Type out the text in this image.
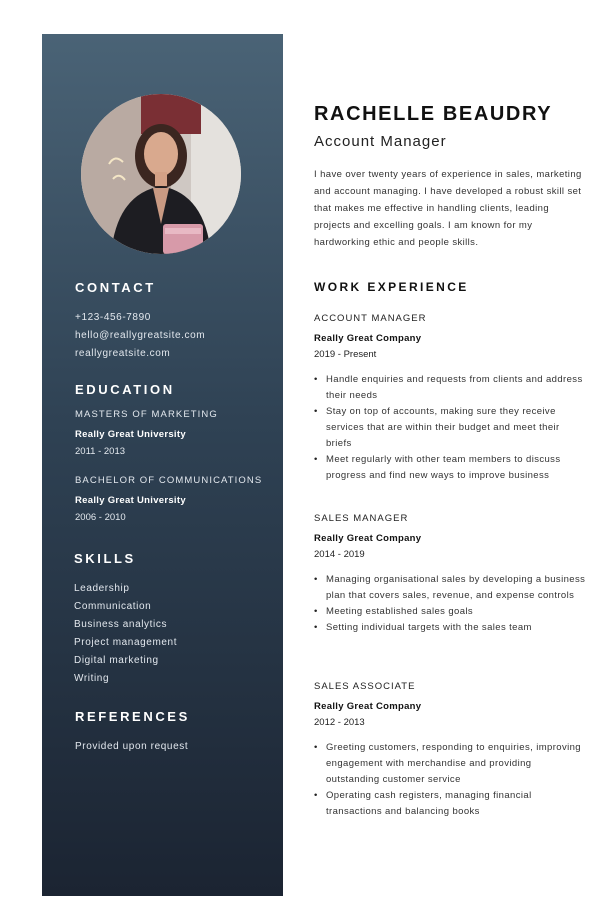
CONTACT
+123-456-7890
hello@reallygreatsite.com
reallygreatsite.com
EDUCATION
MASTERS OF MARKETING
Really Great University
2011 - 2013
BACHELOR OF COMMUNICATIONS
Really Great University
2006 - 2010
SKILLS
Leadership
Communication
Business analytics
Project management
Digital marketing
Writing
REFERENCES
Provided upon request
RACHELLE BEAUDRY
Account Manager
I have over twenty years of experience in sales, marketing and account managing. I have developed a robust skill set that makes me effective in handling clients, leading projects and excelling goals. I am known for my hardworking ethic and people skills.
WORK EXPERIENCE
ACCOUNT MANAGER
Really Great Company
2019 - Present
• Handle enquiries and requests from clients and address their needs
• Stay on top of accounts, making sure they receive services that are within their budget and meet their briefs
• Meet regularly with other team members to discuss progress and find new ways to improve business
SALES MANAGER
Really Great Company
2014 - 2019
• Managing organisational sales by developing a business plan that covers sales, revenue, and expense controls
• Meeting established sales goals
• Setting individual targets with the sales team
SALES ASSOCIATE
Really Great Company
2012 - 2013
• Greeting customers, responding to enquiries, improving engagement with merchandise and providing outstanding customer service
• Operating cash registers, managing financial transactions and balancing books
